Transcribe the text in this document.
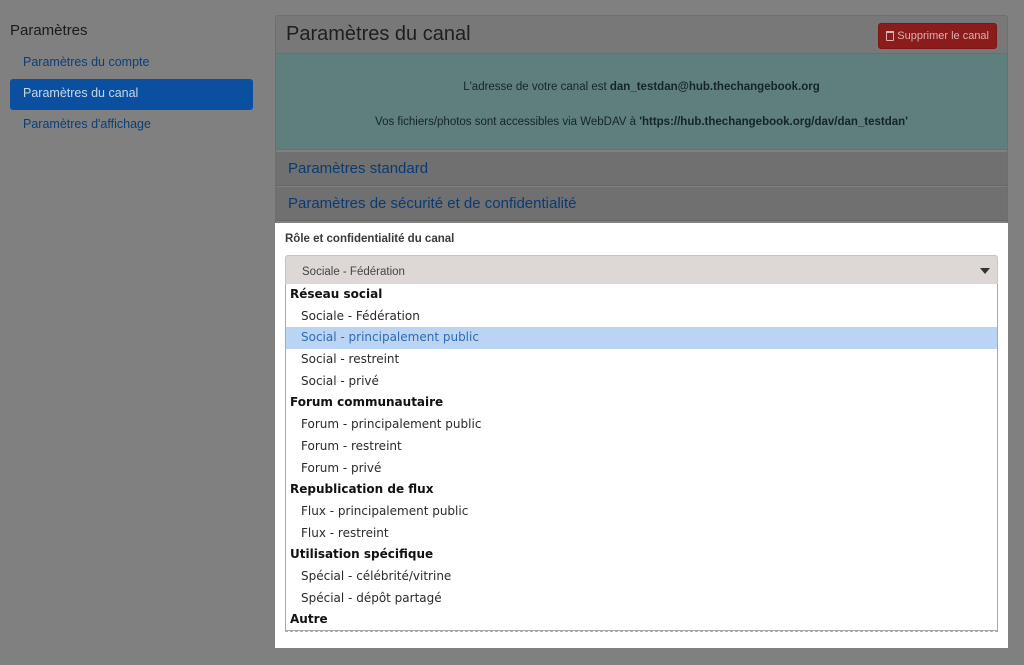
Paramètres
Paramètres du compte
Paramètres du canal
Paramètres d'affichage
Paramètres du canal	Supprimer le canal
L'adresse de votre canal est dan_testdan@hub.thechangebook.org
Vos fichiers/photos sont accessibles via WebDAV à 'https://hub.thechangebook.org/dav/dan_testdan'
Paramètres standard
Paramètres de sécurité et de confidentialité
Rôle et confidentialité du canal
Sociale - Fédération
Réseau social
Sociale - Fédération
Social - principalement public
Social - restreint
Social - privé
Forum communautaire
Forum - principalement public
Forum - restreint
Forum - privé
Republication de flux
Flux - principalement public
Flux - restreint
Utilisation spécifique
Spécial - célébrité/vitrine
Spécial - dépôt partagé
Autre
